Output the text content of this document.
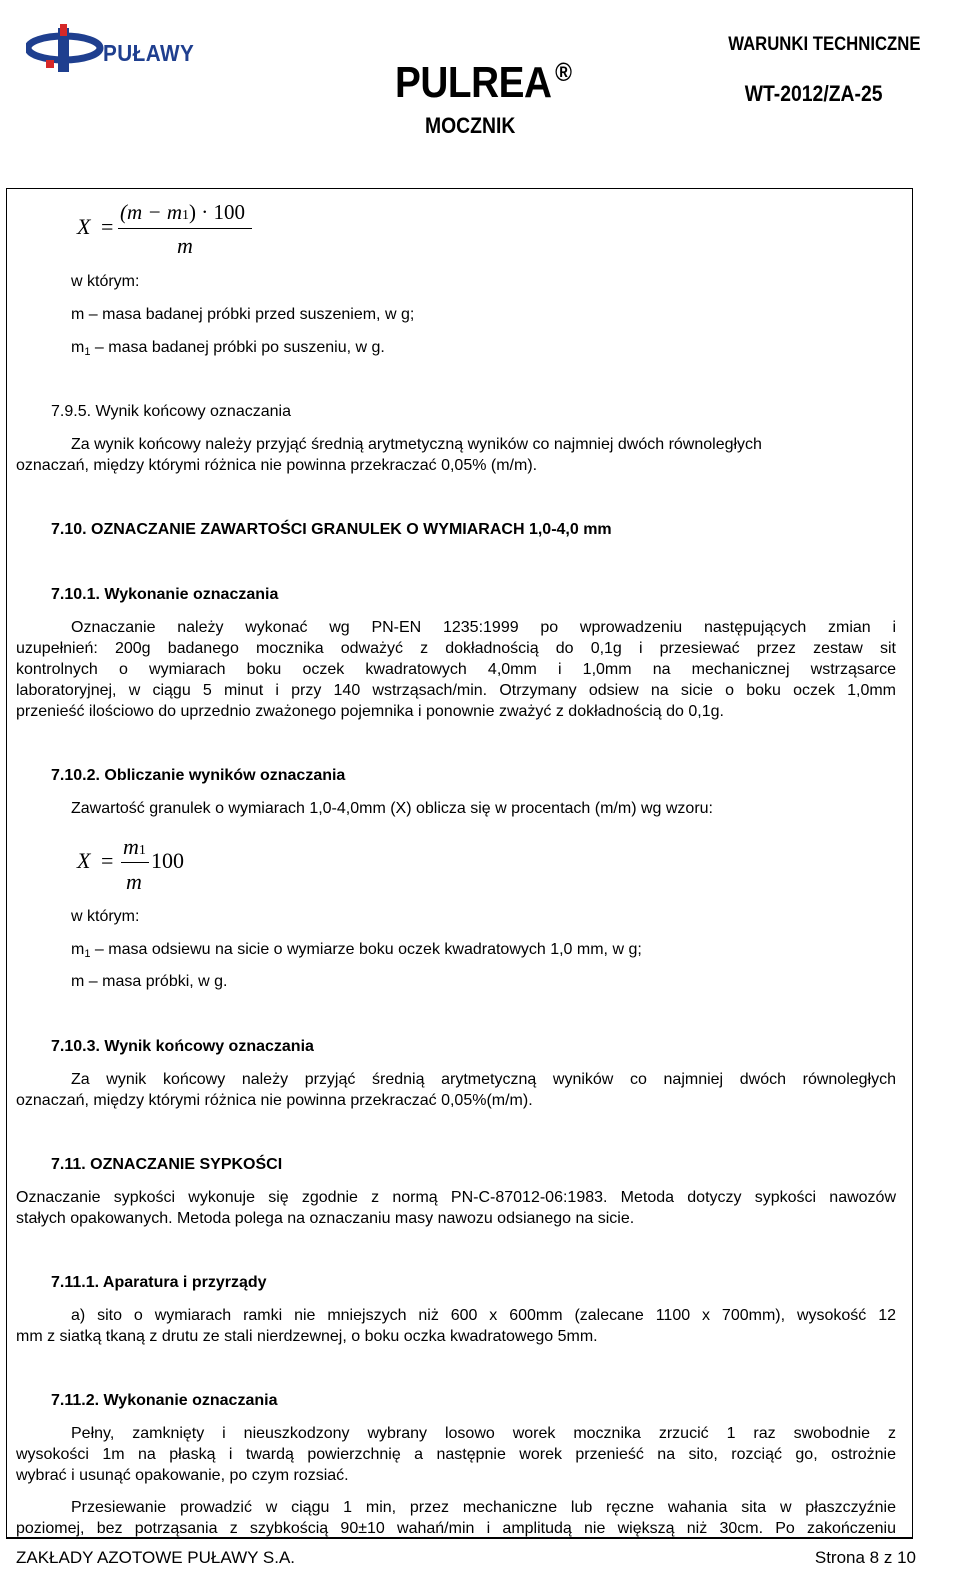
PUŁAWY
PULREA ®
MOCZNIK
WARUNKI TECHNICZNE
WT-2012/ZA-25
X =
(m − m1) · 100
m
w którym:
m – masa badanej próbki przed suszeniem, w g;
$m_1$ – masa badanej próbki po suszeniu, w g.
7.9.5. Wynik końcowy oznaczania
Za wynik końcowy należy przyjąć średnią arytmetyczną wyników co najmniej dwóch równoległych
oznaczań, między którymi różnica nie powinna przekraczać 0,05% (m/m).
7.10. OZNACZANIE ZAWARTOŚCI GRANULEK O WYMIARACH 1,0-4,0 mm
7.10.1. Wykonanie oznaczania
Oznaczanie należy wykonać wg PN-EN 1235:1999 po wprowadzeniu następujących zmian i
uzupełnień: 200g badanego mocznika odważyć z dokładnością do 0,1g i przesiewać przez zestaw sit
kontrolnych o wymiarach boku oczek kwadratowych 4,0mm i 1,0mm na mechanicznej wstrząsarce
laboratoryjnej, w ciągu 5 minut i przy 140 wstrząsach/min. Otrzymany odsiew na sicie o boku oczek 1,0mm
przenieść ilościowo do uprzednio zważonego pojemnika i ponownie zważyć z dokładnością do 0,1g.
7.10.2. Obliczanie wyników oznaczania
Zawartość granulek o wymiarach 1,0-4,0mm (X) oblicza się w procentach (m/m) wg wzoru:
X =
m1
m
100
w którym:
$m_1$ – masa odsiewu na sicie o wymiarze boku oczek kwadratowych 1,0 mm, w g;
m – masa próbki, w g.
7.10.3. Wynik końcowy oznaczania
Za wynik końcowy należy przyjąć średnią arytmetyczną wyników co najmniej dwóch równoległych
oznaczań, między którymi różnica nie powinna przekraczać 0,05%(m/m).
7.11. OZNACZANIE SYPKOŚCI
Oznaczanie sypkości wykonuje się zgodnie z normą PN-C-87012-06:1983. Metoda dotyczy sypkości nawozów
stałych opakowanych. Metoda polega na oznaczaniu masy nawozu odsianego na sicie.
7.11.1. Aparatura i przyrządy
a) sito o wymiarach ramki nie mniejszych niż 600 x 600mm (zalecane 1100 x 700mm), wysokość 12
mm z siatką tkaną z drutu ze stali nierdzewnej, o boku oczka kwadratowego 5mm.
7.11.2. Wykonanie oznaczania
Pełny, zamknięty i nieuszkodzony wybrany losowo worek mocznika zrzucić 1 raz swobodnie z
wysokości 1m na płaską i twardą powierzchnię a następnie worek przenieść na sito, rozciąć go, ostrożnie
wybrać i usunąć opakowanie, po czym rozsiać.
Przesiewanie prowadzić w ciągu 1 min, przez mechaniczne lub ręczne wahania sita w płaszczyźnie
poziomej, bez potrząsania z szybkością 90±10 wahań/min i amplitudą nie większą niż 30cm. Po zakończeniu
ZAKŁADY AZOTOWE PUŁAWY S.A.	Strona 8 z 10
